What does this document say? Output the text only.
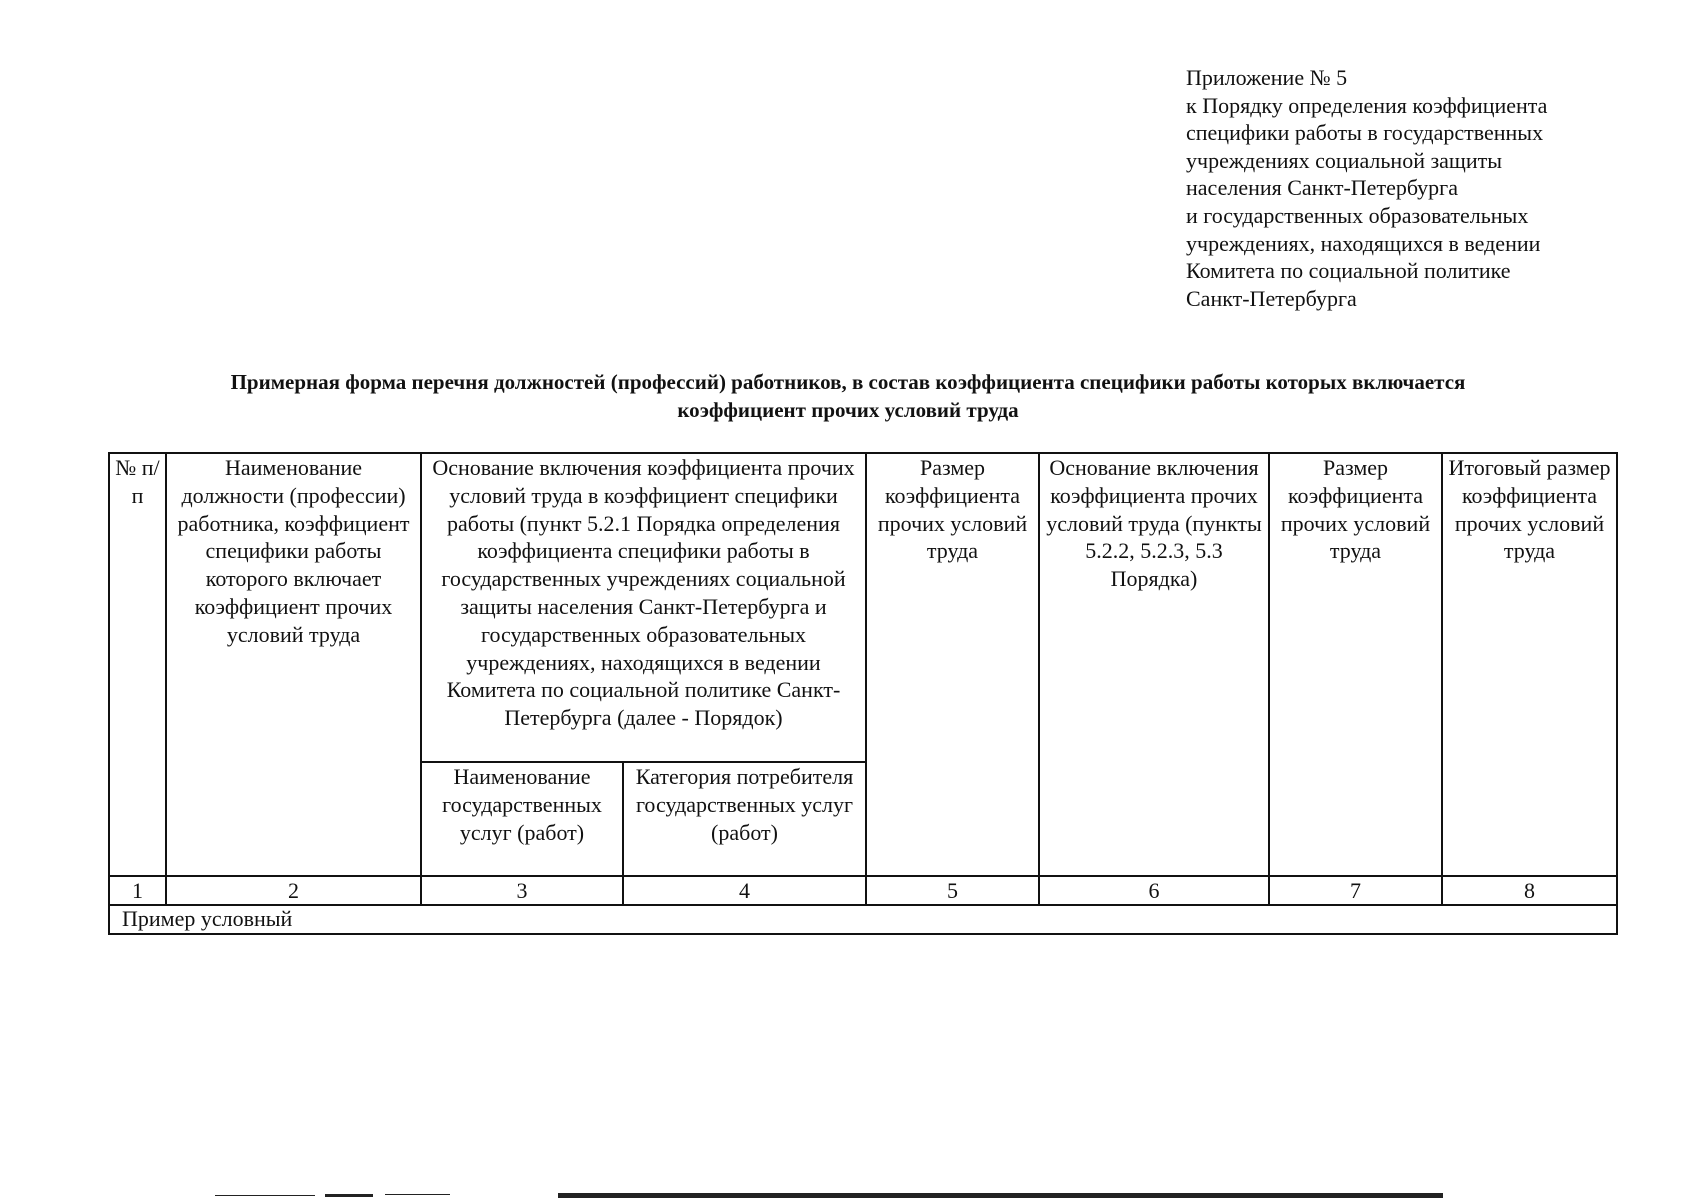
Приложение № 5
к Порядку определения коэффициента
специфики работы в государственных
учреждениях социальной защиты
населения Санкт-Петербурга
и государственных образовательных
учреждениях, находящихся в ведении
Комитета по социальной политике
Санкт-Петербурга
Примерная форма перечня должностей (профессий) работников, в состав коэффициента специфики работы которых включается
коэффициент прочих условий труда
№ п/п	Наименование должности (профессии) работника, коэффициент специфики работы которого включает коэффициент прочих условий труда	Основание включения коэффициента прочих условий труда в коэффициент специфики работы (пункт 5.2.1 Порядка определения коэффициента специфики работы в государственных учреждениях социальной защиты населения Санкт-Петербурга и государственных образовательных учреждениях, находящихся в ведении Комитета по социальной политике Санкт-Петербурга (далее - Порядок)		Размер коэффициента прочих условий труда	Основание включения коэффициента прочих условий труда (пункты 5.2.2, 5.2.3, 5.3 Порядка)	Размер коэффициента прочих условий труда	Итоговый размер коэффициента прочих условий труда
		Наименование государственных услуг (работ)	Категория потребителя государственных услуг (работ)				
1	2	3	4	5	6	7	8
Пример условный							
